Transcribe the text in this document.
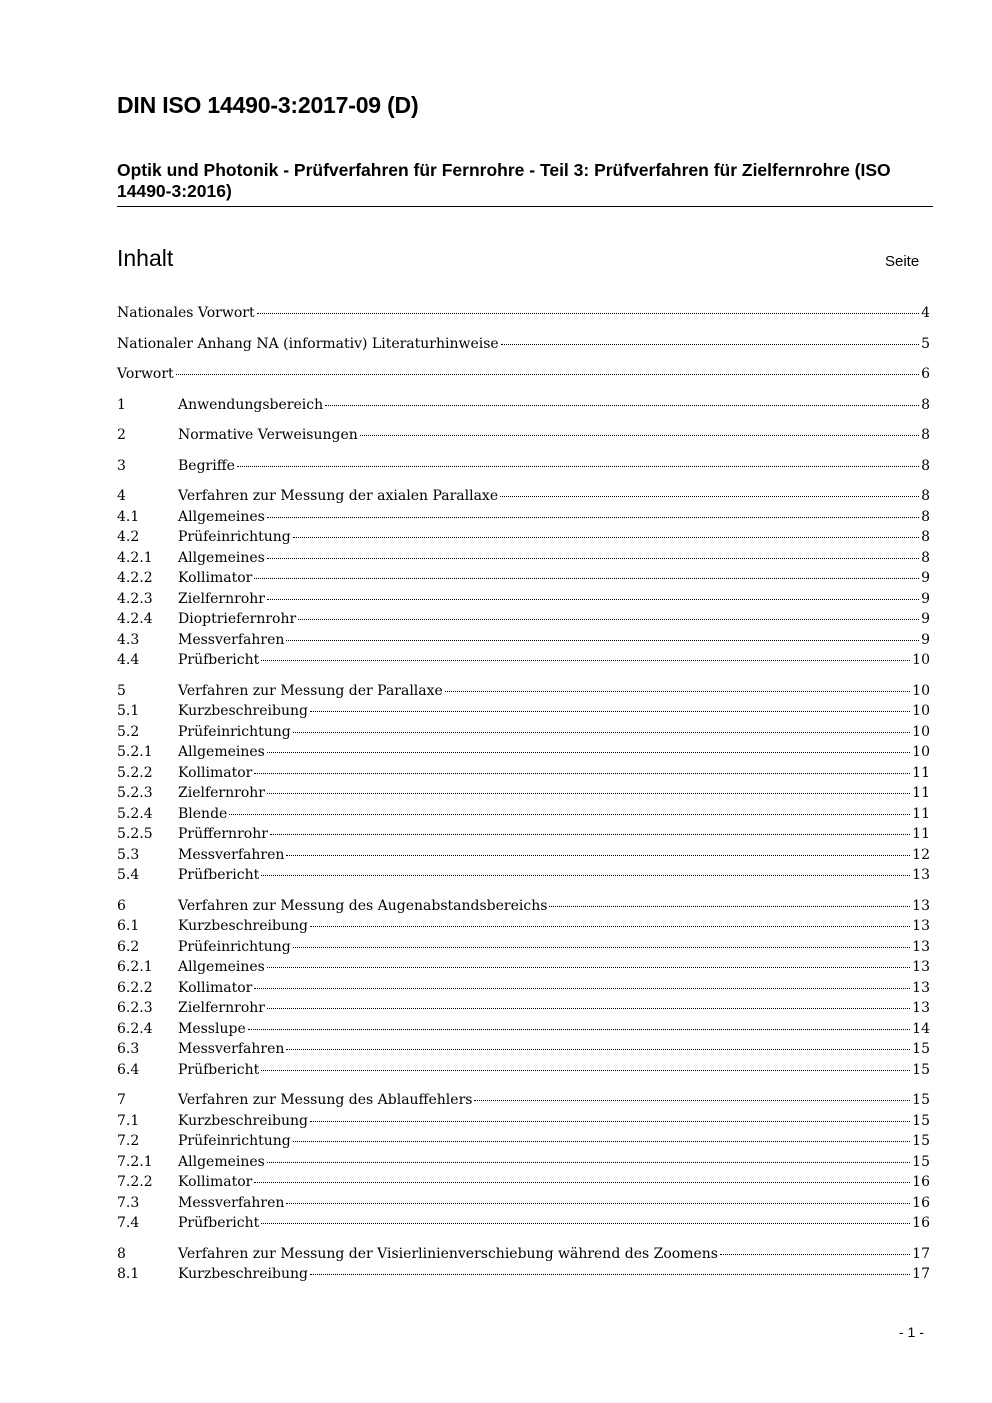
DIN ISO 14490-3:2017-09 (D)
Optik und Photonik - Prüfverfahren für Fernrohre - Teil 3: Prüfverfahren für Zielfernrohre (ISO 14490-3:2016)
Inhalt	Seite
Nationales Vorwort	4
Nationaler Anhang NA (informativ) Literaturhinweise	5
Vorwort	6
1	Anwendungsbereich	8
2	Normative Verweisungen	8
3	Begriffe	8
4	Verfahren zur Messung der axialen Parallaxe	8
4.1	Allgemeines	8
4.2	Prüfeinrichtung	8
4.2.1	Allgemeines	8
4.2.2	Kollimator	9
4.2.3	Zielfernrohr	9
4.2.4	Dioptriefernrohr	9
4.3	Messverfahren	9
4.4	Prüfbericht	10
5	Verfahren zur Messung der Parallaxe	10
5.1	Kurzbeschreibung	10
5.2	Prüfeinrichtung	10
5.2.1	Allgemeines	10
5.2.2	Kollimator	11
5.2.3	Zielfernrohr	11
5.2.4	Blende	11
5.2.5	Prüffernrohr	11
5.3	Messverfahren	12
5.4	Prüfbericht	13
6	Verfahren zur Messung des Augenabstandsbereichs	13
6.1	Kurzbeschreibung	13
6.2	Prüfeinrichtung	13
6.2.1	Allgemeines	13
6.2.2	Kollimator	13
6.2.3	Zielfernrohr	13
6.2.4	Messlupe	14
6.3	Messverfahren	15
6.4	Prüfbericht	15
7	Verfahren zur Messung des Ablauffehlers	15
7.1	Kurzbeschreibung	15
7.2	Prüfeinrichtung	15
7.2.1	Allgemeines	15
7.2.2	Kollimator	16
7.3	Messverfahren	16
7.4	Prüfbericht	16
8	Verfahren zur Messung der Visierlinienverschiebung während des Zoomens	17
8.1	Kurzbeschreibung	17
- 1 -
